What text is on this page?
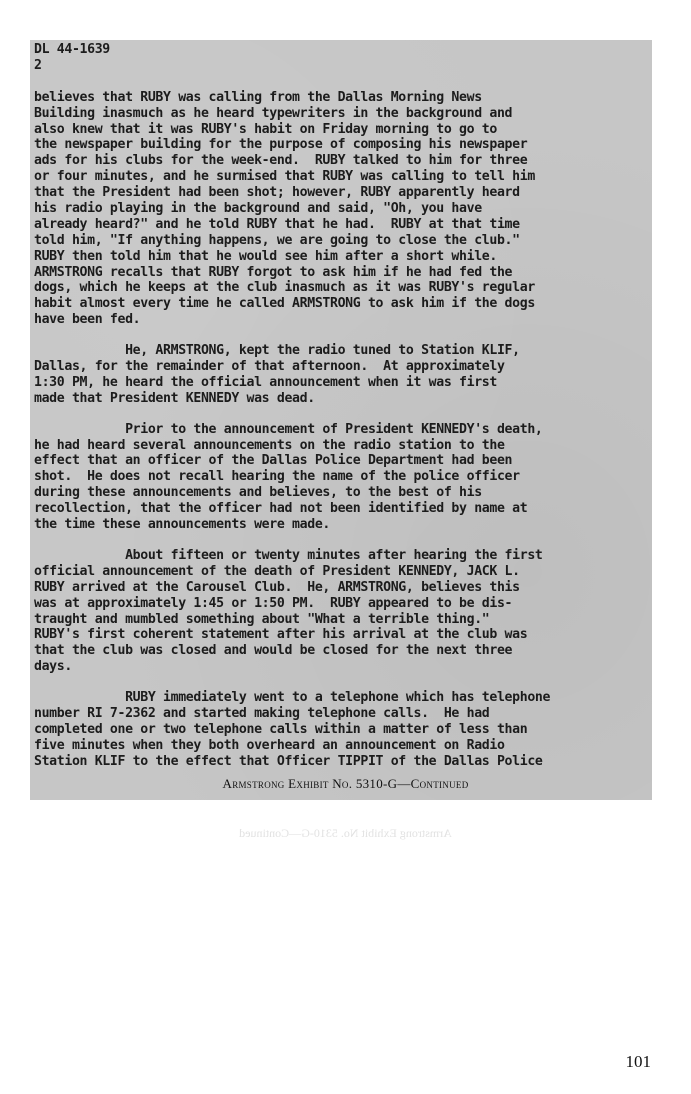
DL 44-1639
2
believes that RUBY was calling from the Dallas Morning News
Building inasmuch as he heard typewriters in the background and
also knew that it was RUBY's habit on Friday morning to go to
the newspaper building for the purpose of composing his newspaper
ads for his clubs for the week-end.  RUBY talked to him for three
or four minutes, and he surmised that RUBY was calling to tell him
that the President had been shot; however, RUBY apparently heard
his radio playing in the background and said, "Oh, you have
already heard?" and he told RUBY that he had.  RUBY at that time
told him, "If anything happens, we are going to close the club."
RUBY then told him that he would see him after a short while.
ARMSTRONG recalls that RUBY forgot to ask him if he had fed the
dogs, which he keeps at the club inasmuch as it was RUBY's regular
habit almost every time he called ARMSTRONG to ask him if the dogs
have been fed.
He, ARMSTRONG, kept the radio tuned to Station KLIF,
Dallas, for the remainder of that afternoon.  At approximately
1:30 PM, he heard the official announcement when it was first
made that President KENNEDY was dead.
Prior to the announcement of President KENNEDY's death,
he had heard several announcements on the radio station to the
effect that an officer of the Dallas Police Department had been
shot.  He does not recall hearing the name of the police officer
during these announcements and believes, to the best of his
recollection, that the officer had not been identified by name at
the time these announcements were made.
About fifteen or twenty minutes after hearing the first
official announcement of the death of President KENNEDY, JACK L.
RUBY arrived at the Carousel Club.  He, ARMSTRONG, believes this
was at approximately 1:45 or 1:50 PM.  RUBY appeared to be dis-
traught and mumbled something about "What a terrible thing."
RUBY's first coherent statement after his arrival at the club was
that the club was closed and would be closed for the next three
days.
RUBY immediately went to a telephone which has telephone
number RI 7-2362 and started making telephone calls.  He had
completed one or two telephone calls within a matter of less than
five minutes when they both overheard an announcement on Radio
Station KLIF to the effect that Officer TIPPIT of the Dallas Police
Armstrong Exhibit No. 5310-G—Continued
Armstrong Exhibit No. 5310-G—Continued
101
